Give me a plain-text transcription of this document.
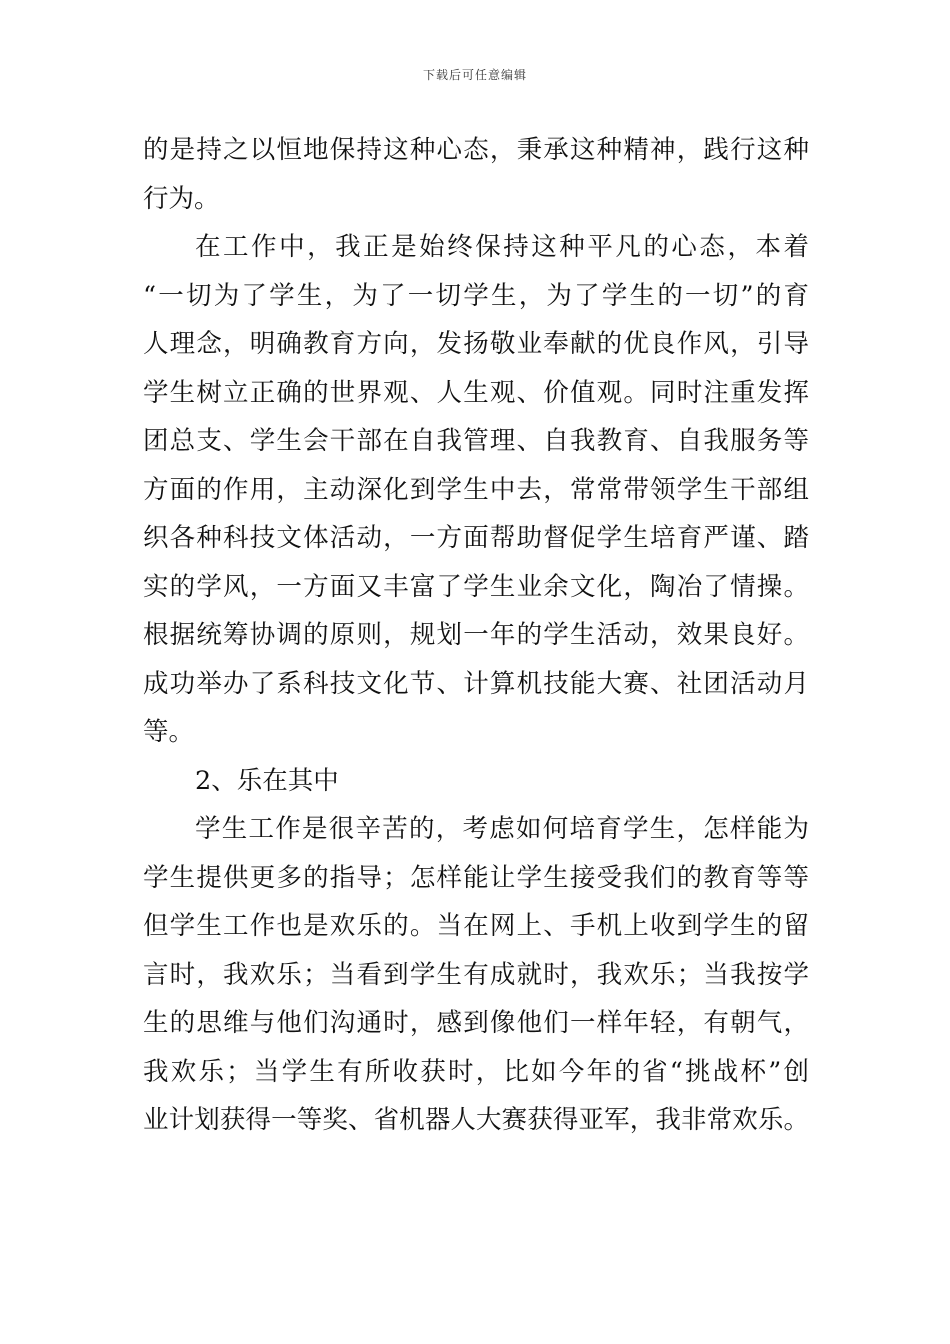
下载后可任意编辑
的是持之以恒地保持这种心态，秉承这种精神，践行这种
行为。
在工作中，我正是始终保持这种平凡的心态，本着
“一切为了学生，为了一切学生，为了学生的一切”的育
人理念，明确教育方向，发扬敬业奉献的优良作风，引导
学生树立正确的世界观、人生观、价值观。同时注重发挥
团总支、学生会干部在自我管理、自我教育、自我服务等
方面的作用，主动深化到学生中去，常常带领学生干部组
织各种科技文体活动，一方面帮助督促学生培育严谨、踏
实的学风，一方面又丰富了学生业余文化，陶冶了情操。
根据统筹协调的原则，规划一年的学生活动，效果良好。
成功举办了系科技文化节、计算机技能大赛、社团活动月
等。
2、乐在其中
学生工作是很辛苦的，考虑如何培育学生，怎样能为
学生提供更多的指导；怎样能让学生接受我们的教育等等
但学生工作也是欢乐的。当在网上、手机上收到学生的留
言时，我欢乐；当看到学生有成就时，我欢乐；当我按学
生的思维与他们沟通时，感到像他们一样年轻，有朝气，
我欢乐；当学生有所收获时，比如今年的省“挑战杯”创
业计划获得一等奖、省机器人大赛获得亚军，我非常欢乐。
